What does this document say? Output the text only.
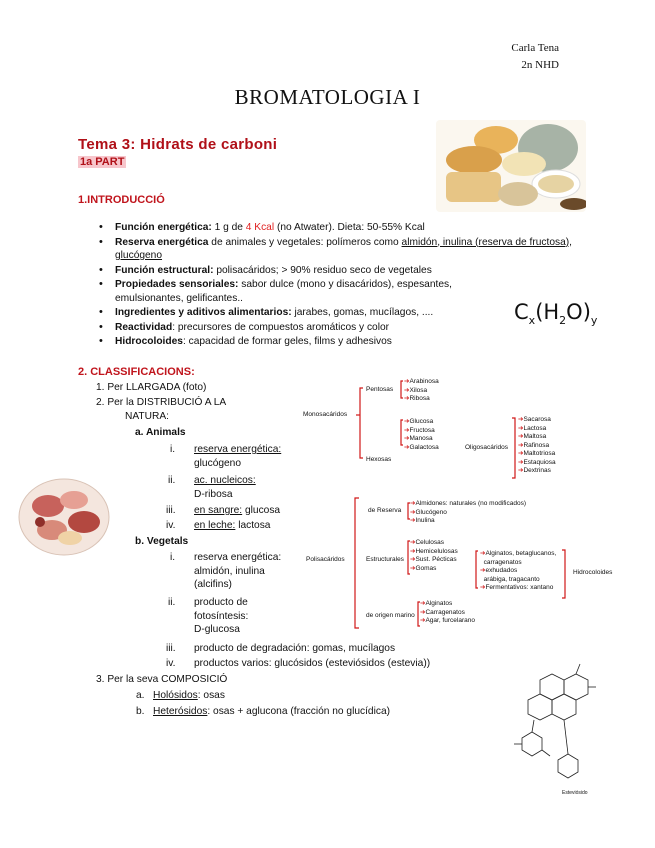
Carla Tena
2n NHD
BROMATOLOGIA I
Tema 3: Hidrats de carboni
1a PART
1.INTRODUCCIÓ
• Función energética: 1 g de 4 Kcal (no Atwater). Dieta: 50-55% Kcal
• Reserva energética de animales y vegetales: polímeros como almidón, inulina (reserva de fructosa), glucógeno
• Función estructural: polisacáridos; > 90% residuo seco de vegetales
• Propiedades sensoriales: sabor dulce (mono y disacáridos), espesantes, emulsionantes, gelificantes..
• Ingredientes y aditivos alimentarios: jarabes, gomas, mucílagos, ....
• Reactividad: precursores de compuestos aromáticos y color
• Hidrocoloides: capacidad de formar geles, films y adhesivos
$C_x(H_2O)_y$
2. CLASSIFICACIONS:
1. Per LLARGADA (foto)
2. Per la DISTRIBUCIÓ A LA
NATURA:
a. Animals
i. reserva energética:
glucógeno
ii. ac. nucleicos:
D-ribosa
iii. en sangre: glucosa
iv. en leche: lactosa
b. Vegetals
i. reserva energética:
almidón, inulina
(alcifins)
ii. producto de
fotosíntesis:
D-glucosa
iii. producto de degradación: gomas, mucílagos
iv. productos varios: glucósidos (esteviósidos (estevia))
3. Per la seva COMPOSICIÓ
a. Holósidos: osas
b. Heterósidos: osas + aglucona (fracción no glucídica)
Monosacáridos
Pentosas
Hexosas
➔Arabinosa
➔Xilosa
➔Ribosa
➔Glucosa
➔Fructosa
➔Manosa
➔Galactosa	Oligosacáridos
➔Sacarosa
➔Lactosa
➔Maltosa
➔Rafinosa
➔Maltotriosa
➔Estaquiosa
➔Dextrinas
Polisacáridos
de Reserva
➔Almidones: naturales (no modificados)
➔Glucógeno
➔Inulina
Estructurales
➔Celulosas
➔Hemicelulosas
➔Sust. Pécticas
➔Gomas
➔Alginatos, betaglucanos,
carragenatos
➔exhudados
arábiga, tragacanto
➔Fermentativos: xantano
Hidrocoloides
de origen marino
➔Alginatos
➔Carragenatos
➔Agar, furcelarano
Esteviósido
